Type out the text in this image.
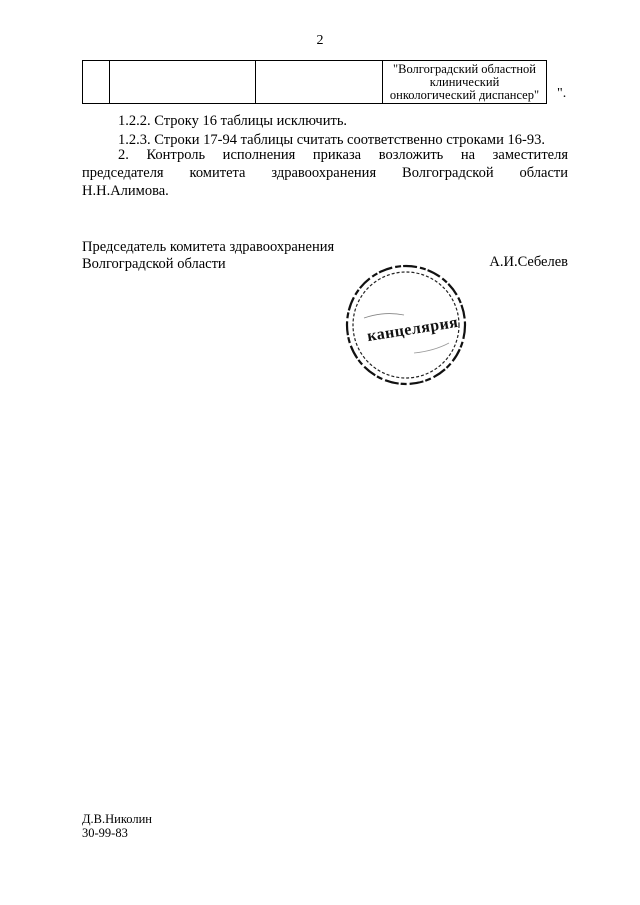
2

"Волгоградский областной
клинический
онкологический диспансер"	".
1.2.2. Строку 16 таблицы исключить.
1.2.3. Строки 17-94 таблицы считать соответственно строками 16-93.
2. Контроль исполнения приказа возложить на заместителя
председателя комитета здравоохранения Волгоградской области
Н.Н.Алимова.
Председатель комитета здравоохранения
Волгоградской области	А.И.Себелев
канцелярия
Д.В.Николин
30-99-83
